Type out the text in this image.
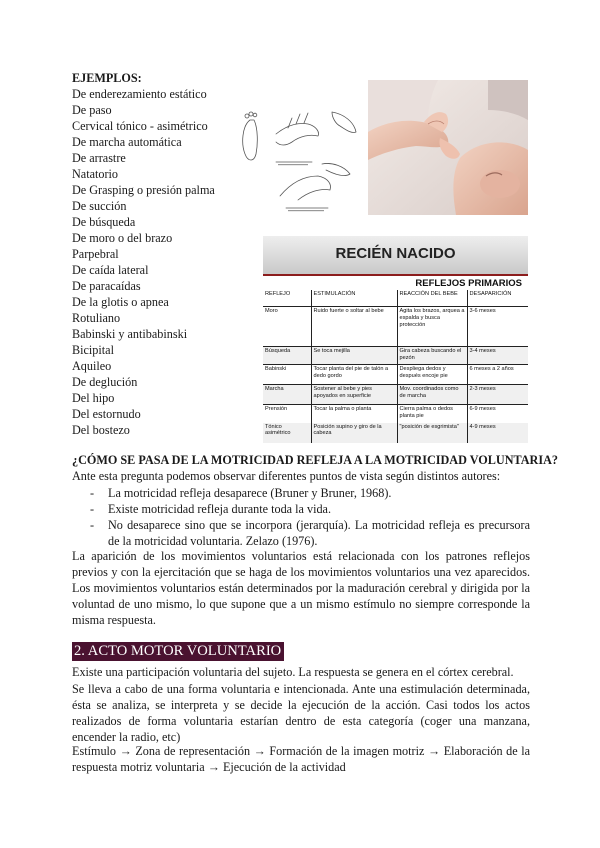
EJEMPLOS:
De enderezamiento estático
De paso
Cervical tónico - asimétrico
De marcha automática
De arrastre
Natatorio
De Grasping o presión palma
De succión
De búsqueda
De moro o del brazo
Parpebral
De caída lateral
De paracaídas
De la glotis o apnea
Rotuliano
Babinski y antibabinski
Bicipital
Aquileo
De deglución
Del hipo
Del estornudo
Del bostezo
RECIÉN NACIDO
REFLEJOS PRIMARIOS
REFLEJO	ESTIMULACIÓN	REACCIÓN DEL BEBE	DESAPARICIÓN
Moro	Ruido fuerte o soltar al bebe	Agita los brazos, arquea a espalda y busca protección	3-6 meses
Búsqueda	Se toca mejilla	Gira cabeza buscando el pezón	3-4 meses
Babinski	Tocar planta del pie de talón a dedo gordo	Despliega dedos y después encoje pie	6 meses a 2 años
Marcha	Sostener al bebe y pies apoyados en superficie	Mov. coordinados como de marcha	2-3 meses
Prensión	Tocar la palma o planta	Cierra palma o dedos planta pie	6-9 meses
Tónico asimétrico	Posición supino y giro de la cabeza	"posición de esgrimista"	4-9 meses
¿CÓMO SE PASA DE LA MOTRICIDAD REFLEJA A LA MOTRICIDAD VOLUNTARIA?
Ante esta pregunta podemos observar diferentes puntos de vista según distintos autores:
- La motricidad refleja desaparece (Bruner y Bruner, 1968).
- Existe motricidad refleja durante toda la vida.
- No desaparece sino que se incorpora (jerarquía). La motricidad refleja es precursora de la motricidad voluntaria. Zelazo (1976).
La aparición de los movimientos voluntarios está relacionada con los patrones reflejos previos y con la ejercitación que se haga de los movimientos voluntarios una vez aparecidos. Los movimientos voluntarios están determinados por la maduración cerebral y dirigida por la voluntad de uno mismo, lo que supone que a un mismo estímulo no siempre corresponde la misma respuesta.
2. ACTO MOTOR VOLUNTARIO
Existe una participación voluntaria del sujeto. La respuesta se genera en el córtex cerebral.
Se lleva a cabo de una forma voluntaria e intencionada. Ante una estimulación determinada, ésta se analiza, se interpreta y se decide la ejecución de la acción. Casi todos los actos realizados de forma voluntaria estarían dentro de esta categoría (coger una manzana, encender la radio, etc)
Estímulo → Zona de representación → Formación de la imagen motriz → Elaboración de la respuesta motriz voluntaria → Ejecución de la actividad
